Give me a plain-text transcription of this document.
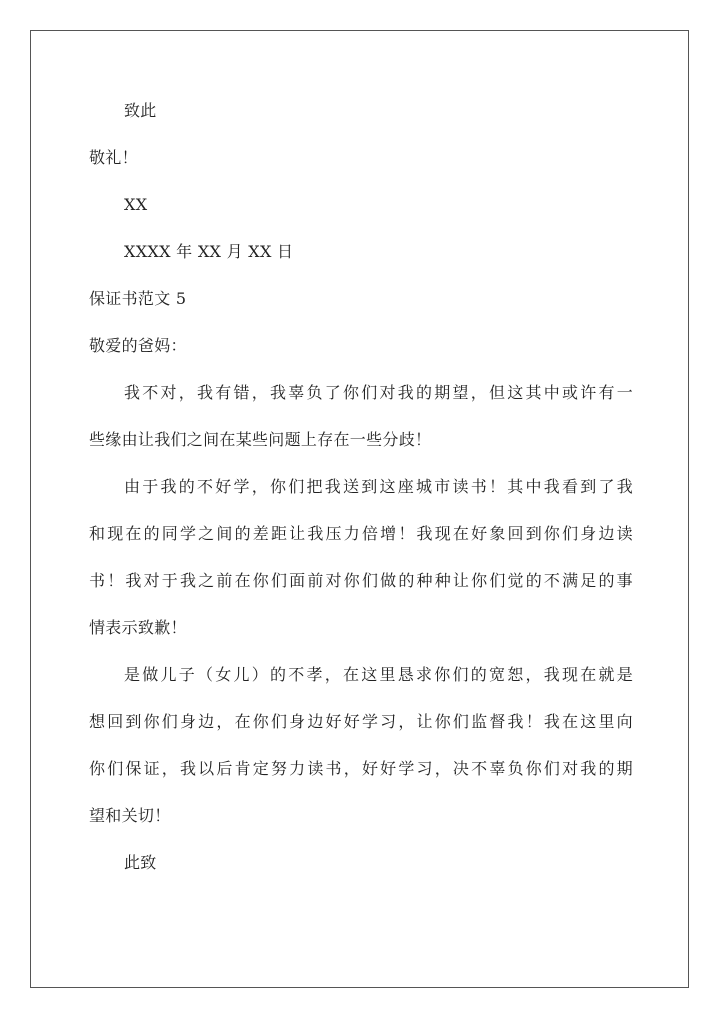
致此
敬礼！
XX
XXXX 年 XX 月 XX 日
保证书范文 5
敬爱的爸妈：
我不对，我有错，我辜负了你们对我的期望，但这其中或许有一
些缘由让我们之间在某些问题上存在一些分歧！
由于我的不好学，你们把我送到这座城市读书！其中我看到了我
和现在的同学之间的差距让我压力倍增！我现在好象回到你们身边读
书！我对于我之前在你们面前对你们做的种种让你们觉的不满足的事
情表示致歉！
是做儿子（女儿）的不孝，在这里恳求你们的宽恕，我现在就是
想回到你们身边，在你们身边好好学习，让你们监督我！我在这里向
你们保证，我以后肯定努力读书，好好学习，决不辜负你们对我的期
望和关切！
此致
